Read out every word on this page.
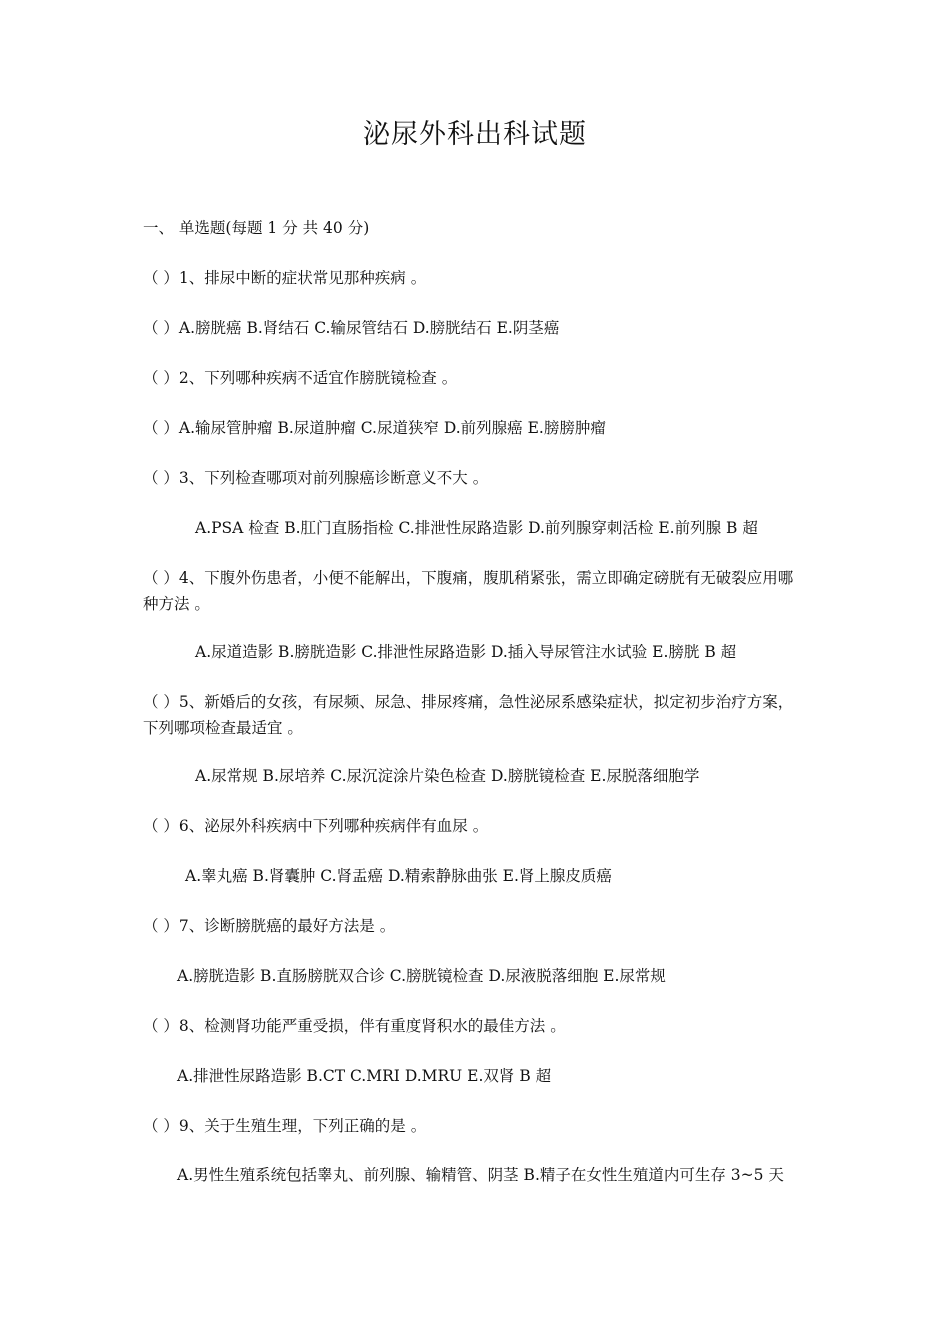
泌尿外科出科试题

一、 单选题(每题 1 分 共 40 分)

（ ）1、排尿中断的症状常见那种疾病 。

（ ）A.膀胱癌 B.肾结石 C.输尿管结石 D.膀胱结石 E.阴茎癌

（ ）2、下列哪种疾病不适宜作膀胱镜检查 。

（ ）A.输尿管肿瘤 B.尿道肿瘤 C.尿道狭窄 D.前列腺癌 E.膀膀肿瘤

（ ）3、下列检查哪项对前列腺癌诊断意义不大 。

A.PSA 检查 B.肛门直肠指检 C.排泄性尿路造影 D.前列腺穿刺活检 E.前列腺 B 超

（ ）4、下腹外伤患者，小便不能解出，下腹痛，腹肌稍紧张，需立即确定磅胱有无破裂应用哪种方法 。

A.尿道造影 B.膀胱造影 C.排泄性尿路造影 D.插入导尿管注水试验 E.膀胱 B 超

（ ）5、新婚后的女孩，有尿频、尿急、排尿疼痛，急性泌尿系感染症状，拟定初步治疗方案，下列哪项检查最适宜 。

A.尿常规 B.尿培养 C.尿沉淀涂片染色检查 D.膀胱镜检查 E.尿脱落细胞学

（ ）6、泌尿外科疾病中下列哪种疾病伴有血尿 。

A.睾丸癌 B.肾囊肿 C.肾盂癌 D.精索静脉曲张 E.肾上腺皮质癌

（ ）7、诊断膀胱癌的最好方法是 。

A.膀胱造影 B.直肠膀胱双合诊 C.膀胱镜检查 D.尿液脱落细胞 E.尿常规

（ ）8、检测肾功能严重受损，伴有重度肾积水的最佳方法 。

A.排泄性尿路造影 B.CT C.MRI D.MRU E.双肾 B 超

（ ）9、关于生殖生理，下列正确的是 。

A.男性生殖系统包括睾丸、前列腺、输精管、阴茎 B.精子在女性生殖道内可生存 3~5 天
